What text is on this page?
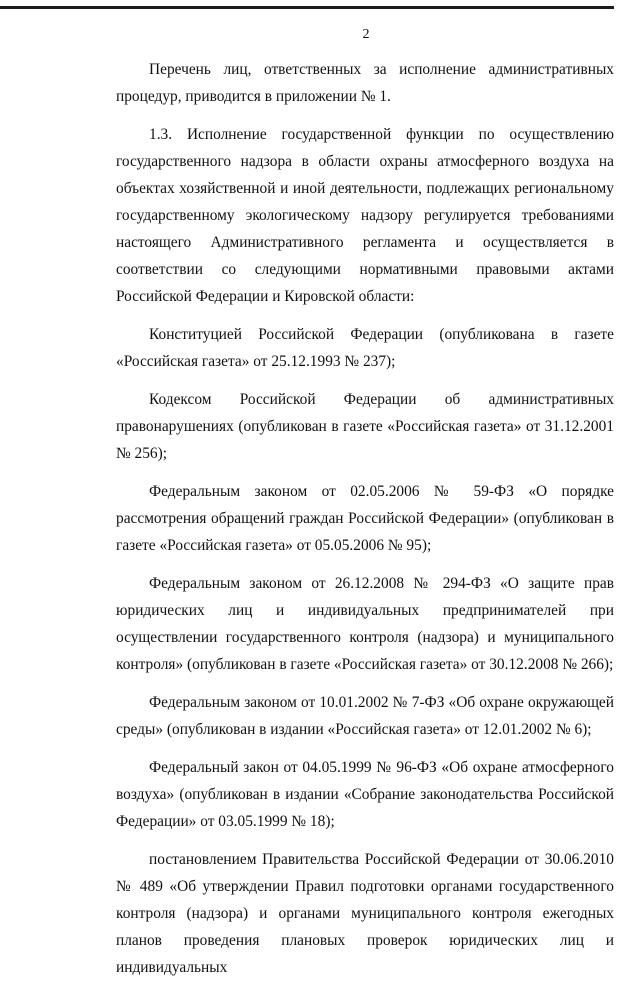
2

Перечень лиц, ответственных за исполнение административных процедур, приводится в приложении № 1.

1.3. Исполнение государственной функции по осуществлению государственного надзора в области охраны атмосферного воздуха на объектах хозяйственной и иной деятельности, подлежащих региональному государственному экологическому надзору регулируется требованиями настоящего Административного регламента и осуществляется в соответствии со следующими нормативными правовыми актами Российской Федерации и Кировской области:

Конституцией Российской Федерации (опубликована в газете «Российская газета» от 25.12.1993 № 237);

Кодексом Российской Федерации об административных правонарушениях (опубликован в газете «Российская газета» от 31.12.2001 № 256);

Федеральным законом от 02.05.2006 № 59-ФЗ «О порядке рассмотрения обращений граждан Российской Федерации» (опубликован в газете «Российская газета» от 05.05.2006 № 95);

Федеральным законом от 26.12.2008 № 294-ФЗ «О защите прав юридических лиц и индивидуальных предпринимателей при осуществлении государственного контроля (надзора) и муниципального контроля» (опубликован в газете «Российская газета» от 30.12.2008 № 266);

Федеральным законом от 10.01.2002 № 7-ФЗ «Об охране окружающей среды» (опубликован в издании «Российская газета» от 12.01.2002 № 6);

Федеральный закон от 04.05.1999 № 96-ФЗ «Об охране атмосферного воздуха» (опубликован в издании «Собрание законодательства Российской Федерации» от 03.05.1999 № 18);

постановлением Правительства Российской Федерации от 30.06.2010 № 489 «Об утверждении Правил подготовки органами государственного контроля (надзора) и органами муниципального контроля ежегодных планов проведения плановых проверок юридических лиц и индивидуальных
